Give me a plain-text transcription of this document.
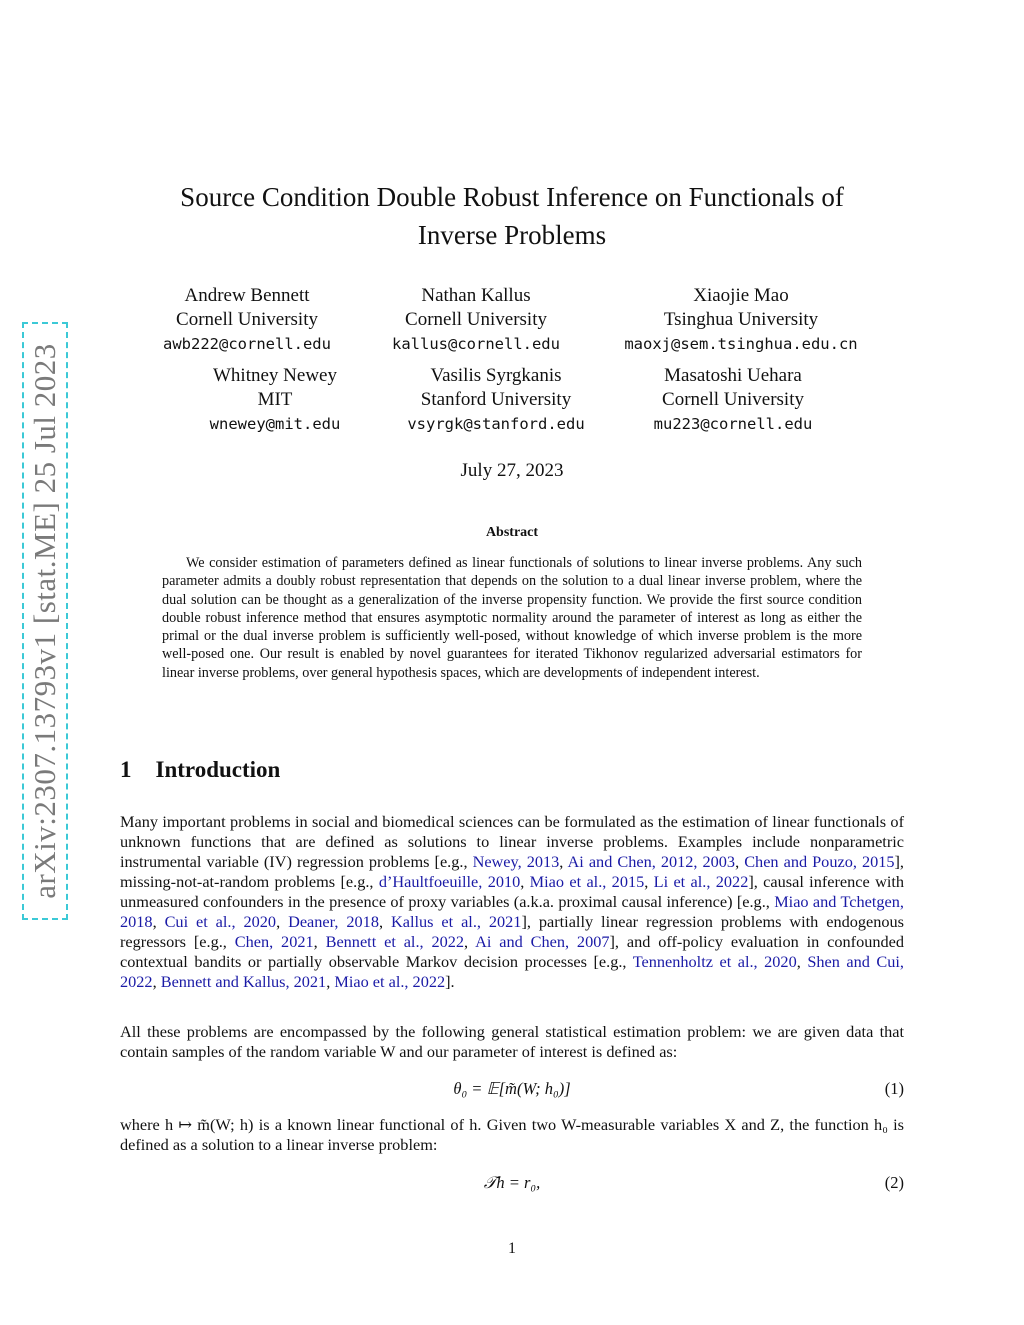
arXiv:2307.13793v1 [stat.ME] 25 Jul 2023
Source Condition Double Robust Inference on Functionals of
Inverse Problems
Andrew Bennett
Cornell University
awb222@cornell.edu
Nathan Kallus
Cornell University
kallus@cornell.edu
Xiaojie Mao
Tsinghua University
maoxj@sem.tsinghua.edu.cn
Whitney Newey
MIT
wnewey@mit.edu
Vasilis Syrgkanis
Stanford University
vsyrgk@stanford.edu
Masatoshi Uehara
Cornell University
mu223@cornell.edu
July 27, 2023
Abstract

We consider estimation of parameters defined as linear functionals of solutions to linear inverse problems. Any such parameter admits a doubly robust representation that depends on the solution to a dual linear inverse problem, where the dual solution can be thought as a generalization of the inverse propensity function. We provide the first source condition double robust inference method that ensures asymptotic normality around the parameter of interest as long as either the primal or the dual inverse problem is sufficiently well-posed, without knowledge of which inverse problem is the more well-posed one. Our result is enabled by novel guarantees for iterated Tikhonov regularized adversarial estimators for linear inverse problems, over general hypothesis spaces, which are developments of independent interest.

1 Introduction

Many important problems in social and biomedical sciences can be formulated as the estimation of linear functionals of unknown functions that are defined as solutions to linear inverse problems. Examples include nonparametric instrumental variable (IV) regression problems [e.g., Newey, 2013, Ai and Chen, 2012, 2003, Chen and Pouzo, 2015], missing-not-at-random problems [e.g., d’Haultfoeuille, 2010, Miao et al., 2015, Li et al., 2022], causal inference with unmeasured confounders in the presence of proxy variables (a.k.a. proximal causal inference) [e.g., Miao and Tchetgen, 2018, Cui et al., 2020, Deaner, 2018, Kallus et al., 2021], partially linear regression problems with endogenous regressors [e.g., Chen, 2021, Bennett et al., 2022, Ai and Chen, 2007], and off-policy evaluation in confounded contextual bandits or partially observable Markov decision processes [e.g., Tennenholtz et al., 2020, Shen and Cui, 2022, Bennett and Kallus, 2021, Miao et al., 2022].

All these problems are encompassed by the following general statistical estimation problem: we are given data that contain samples of the random variable W and our parameter of interest is defined as:

θ₀ = 𝔼[m̃(W; h₀)]	(1)

where h ↦ m̃(W; h) is a known linear functional of h. Given two W-measurable variables X and Z, the function h₀ is defined as a solution to a linear inverse problem:

𝒯h = r₀,	(2)
1
